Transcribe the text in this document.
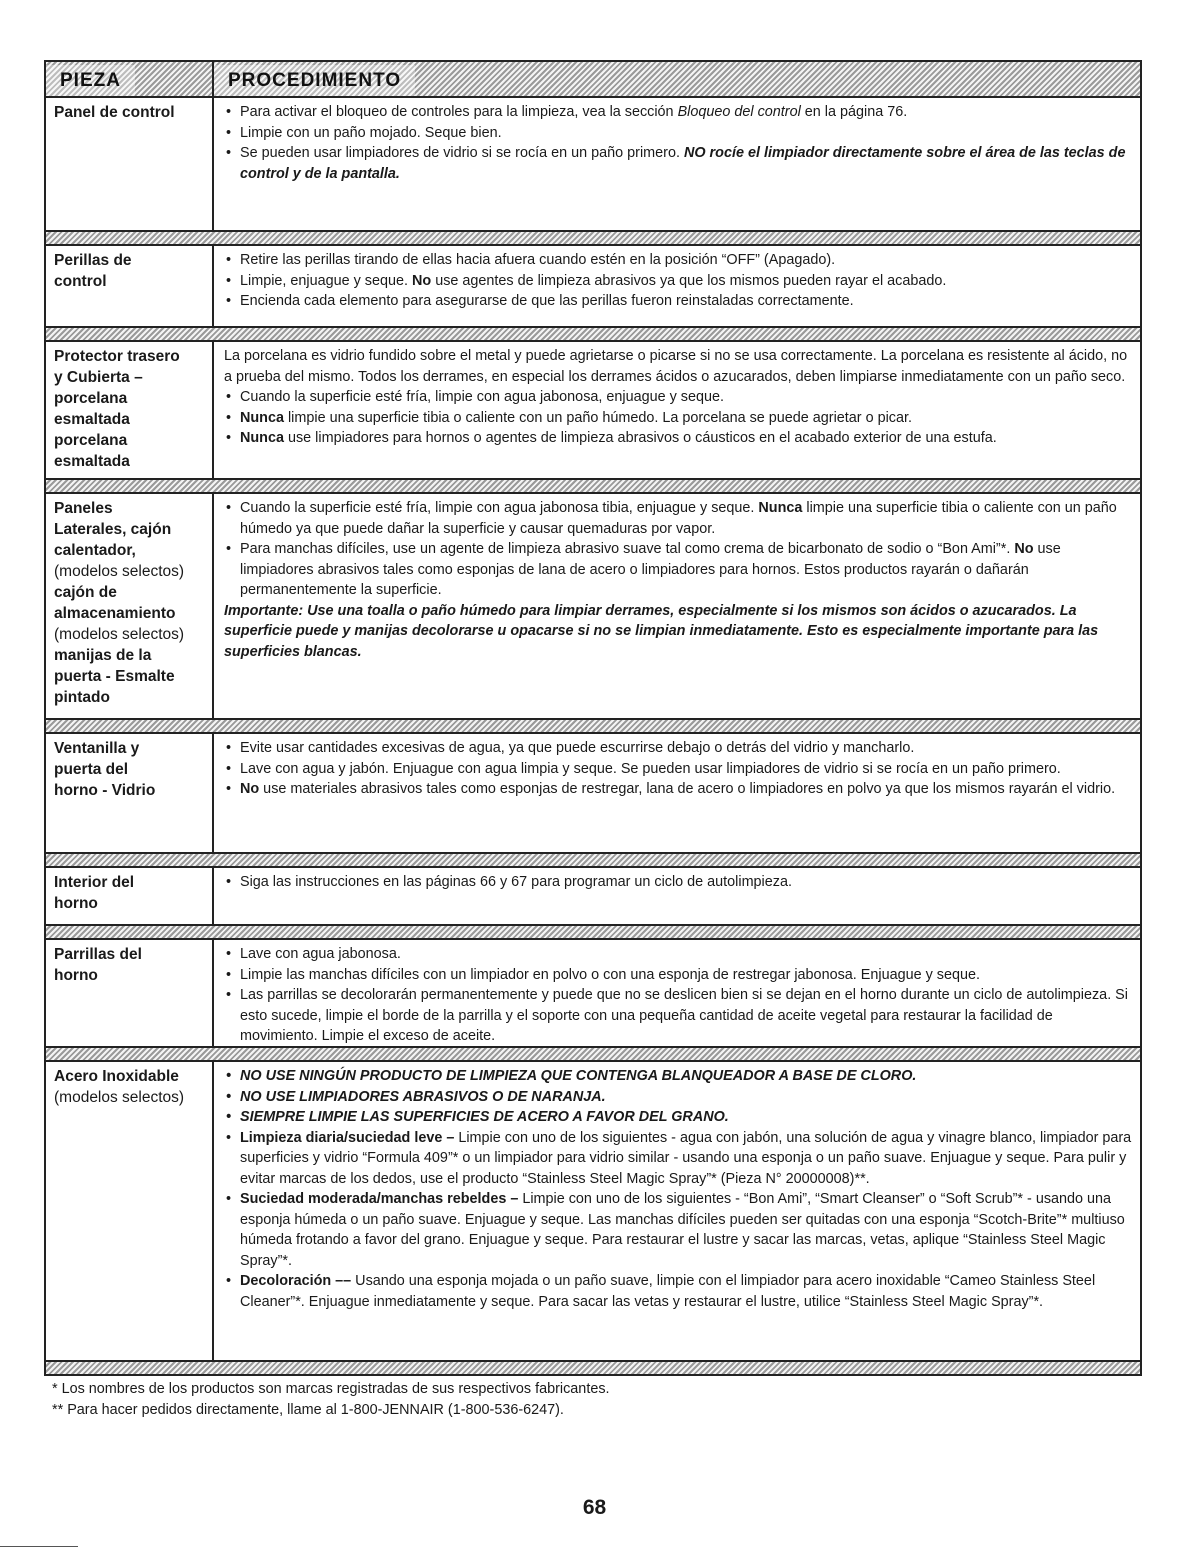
PIEZA	PROCEDIMIENTO
Panel de control
•	Para activar el bloqueo de controles para la limpieza, vea la sección Bloqueo del control en la página 76.
• Limpie con un paño mojado. Seque bien.
• Se pueden usar limpiadores de vidrio si se rocía en un paño primero. NO rocíe el limpiador directamente sobre el área de las teclas de control y de la pantalla.
Perillas de
control
• Retire las perillas tirando de ellas hacia afuera cuando estén en la posición “OFF” (Apagado).
• Limpie, enjuague y seque. No use agentes de limpieza abrasivos ya que los mismos pueden rayar el acabado.
• Encienda cada elemento para asegurarse de que las perillas fueron reinstaladas correctamente.
Protector trasero
y Cubierta –
porcelana
esmaltada
porcelana
esmaltada
La porcelana es vidrio fundido sobre el metal y puede agrietarse o picarse si no se usa correctamente. La porcelana es resistente al ácido, no a prueba del mismo. Todos los derrames, en especial los derrames ácidos o azucarados, deben limpiarse inmediatamente con un paño seco.
• Cuando la superficie esté fría, limpie con agua jabonosa, enjuague y seque.
• Nunca limpie una superficie tibia o caliente con un paño húmedo. La porcelana se puede agrietar o picar.
• Nunca use limpiadores para hornos o agentes de limpieza abrasivos o cáusticos en el acabado exterior de una estufa.
Paneles
Laterales, cajón
calentador,
(modelos selectos)
cajón de
almacenamiento
(modelos selectos)
manijas de la
puerta - Esmalte
pintado
• Cuando la superficie esté fría, limpie con agua jabonosa tibia, enjuague y seque. Nunca limpie una superficie tibia o caliente con un paño húmedo ya que puede dañar la superficie y causar quemaduras por vapor.
• Para manchas difíciles, use un agente de limpieza abrasivo suave tal como crema de bicarbonato de sodio o “Bon Ami”*. No use limpiadores abrasivos tales como esponjas de lana de acero o limpiadores para hornos. Estos productos rayarán o dañarán permanentemente la superficie.
Importante: Use una toalla o paño húmedo para limpiar derrames, especialmente si los mismos son ácidos o azucarados. La superficie puede y manijas decolorarse u opacarse si no se limpian inmediatamente. Esto es especialmente importante para las superficies blancas.
Ventanilla y
puerta del
horno - Vidrio
• Evite usar cantidades excesivas de agua, ya que puede escurrirse debajo o detrás del vidrio y mancharlo.
• Lave con agua y jabón. Enjuague con agua limpia y seque. Se pueden usar limpiadores de vidrio si se rocía en un paño primero.
• No use materiales abrasivos tales como esponjas de restregar, lana de acero o limpiadores en polvo ya que los mismos rayarán el vidrio.
Interior del
horno
• Siga las instrucciones en las páginas 66 y 67 para programar un ciclo de autolimpieza.
Parrillas del
horno
• Lave con agua jabonosa.
• Limpie las manchas difíciles con un limpiador en polvo o con una esponja de restregar jabonosa. Enjuague y seque.
• Las parrillas se decolorarán permanentemente y puede que no se deslicen bien si se dejan en el horno durante un ciclo de autolimpieza. Si esto sucede, limpie el borde de la parrilla y el soporte con una pequeña cantidad de aceite vegetal para restaurar la facilidad de movimiento. Limpie el exceso de aceite.
Acero Inoxidable
(modelos selectos)
• NO USE NINGÚN PRODUCTO DE LIMPIEZA QUE CONTENGA BLANQUEADOR A BASE DE CLORO.
• NO USE LIMPIADORES ABRASIVOS O DE NARANJA.
• SIEMPRE LIMPIE LAS SUPERFICIES DE ACERO A FAVOR DEL GRANO.
• Limpieza diaria/suciedad leve – Limpie con uno de los siguientes - agua con jabón, una solución de agua y vinagre blanco, limpiador para superficies y vidrio “Formula 409”* o un limpiador para vidrio similar - usando una esponja o un paño suave. Enjuague y seque. Para pulir y evitar marcas de los dedos, use el producto “Stainless Steel Magic Spray”* (Pieza N° 20000008)**.
• Suciedad moderada/manchas rebeldes – Limpie con uno de los siguientes - “Bon Ami”, “Smart Cleanser” o “Soft Scrub”* - usando una esponja húmeda o un paño suave. Enjuague y seque. Las manchas difíciles pueden ser quitadas con una esponja “Scotch-Brite”* multiuso húmeda frotando a favor del grano. Enjuague y seque. Para restaurar el lustre y sacar las marcas, vetas, aplique “Stainless Steel Magic Spray”*.
• Decoloración –– Usando una esponja mojada o un paño suave, limpie con el limpiador para acero inoxidable “Cameo Stainless Steel Cleaner”*. Enjuague inmediatamente y seque. Para sacar las vetas y restaurar el lustre, utilice “Stainless Steel Magic Spray”*.
* Los nombres de los productos son marcas registradas de sus respectivos fabricantes.
** Para hacer pedidos directamente, llame al 1-800-JENNAIR (1-800-536-6247).
68
